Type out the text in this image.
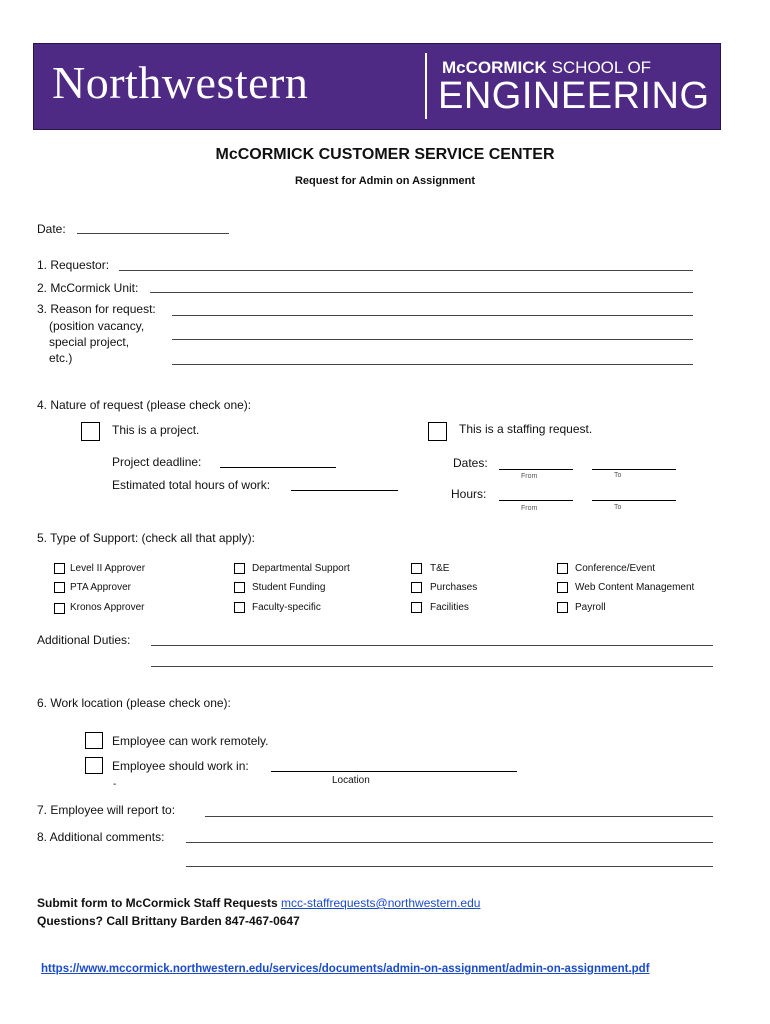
Northwestern	McCORMICK SCHOOL OF
ENGINEERING
McCORMICK CUSTOMER SERVICE CENTER
Request for Admin on Assignment
Date:
1. Requestor:
2. McCormick Unit:
3. Reason for request:
(position vacancy,
special project,
etc.)
4. Nature of request (please check one):
This is a project.	This is a staffing request.
Project deadline:
Estimated total hours of work:
Dates:
From	To
Hours:
From	To
5. Type of Support: (check all that apply):
Level II Approver	Departmental Support	T&E	Conference/Event
PTA Approver	Student Funding	Purchases	Web Content Management
Kronos Approver	Faculty-specific	Facilities	Payroll
Additional Duties:
6. Work location (please check one):
Employee can work remotely.
Employee should work in:
Location
-
7. Employee will report to:
8. Additional comments:
Submit form to McCormick Staff Requests mcc-staffrequests@northwestern.edu
Questions? Call Brittany Barden 847-467-0647
https://www.mccormick.northwestern.edu/services/documents/admin-on-assignment/admin-on-assignment.pdf
